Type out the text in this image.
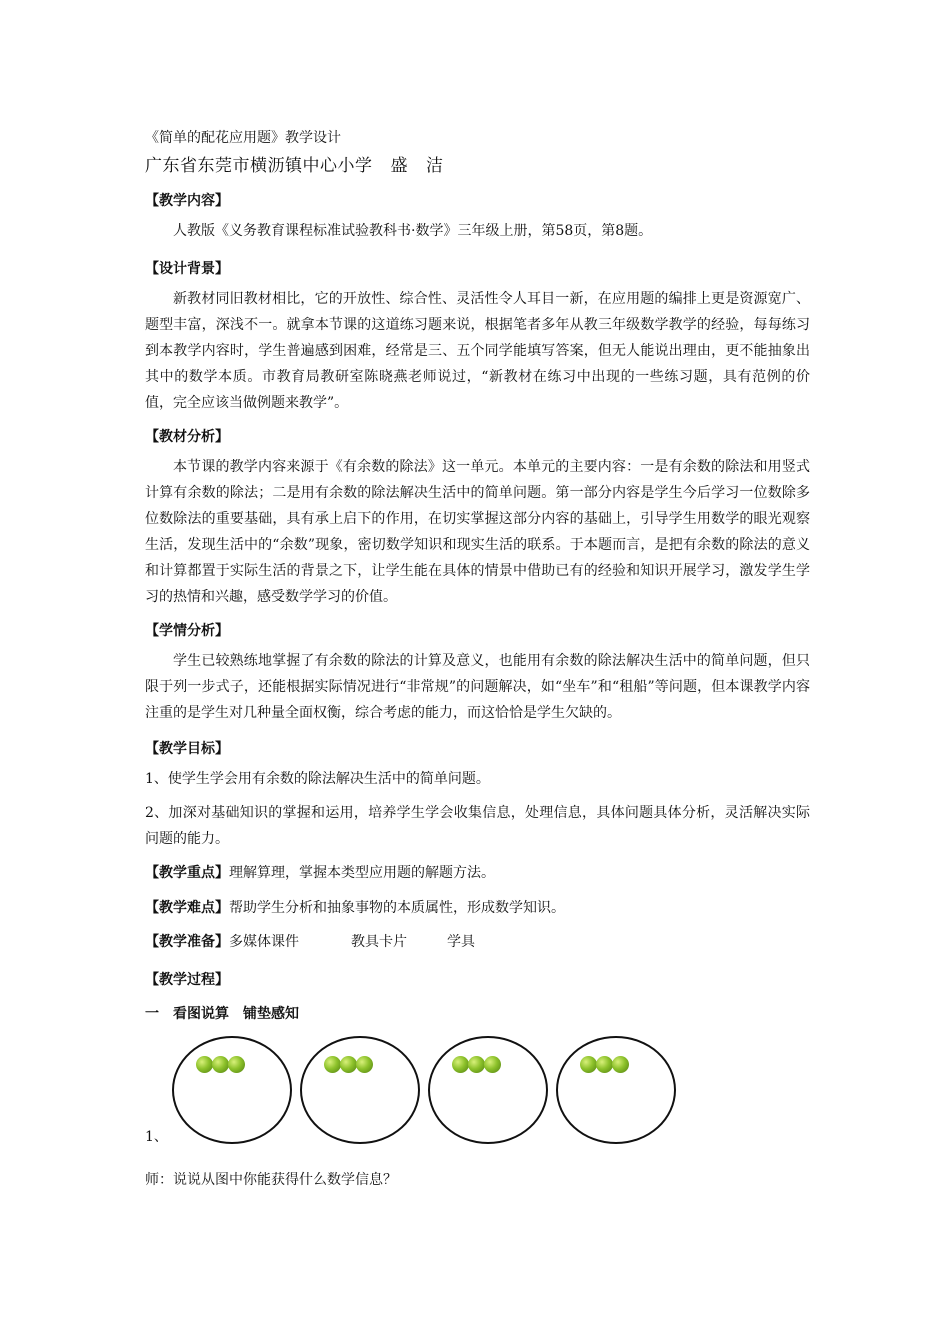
《简单的配花应用题》教学设计
广东省东莞市横沥镇中心小学 盛 洁
【教学内容】
人教版《义务教育课程标准试验教科书·数学》三年级上册，第58页，第8题。
【设计背景】
新教材同旧教材相比，它的开放性、综合性、灵活性令人耳目一新，在应用题的编排上更是资源宽广、题型丰富，深浅不一。就拿本节课的这道练习题来说，根据笔者多年从教三年级数学教学的经验，每每练习到本教学内容时，学生普遍感到困难，经常是三、五个同学能填写答案，但无人能说出理由，更不能抽象出其中的数学本质。市教育局教研室陈晓燕老师说过，“新教材在练习中出现的一些练习题，具有范例的价值，完全应该当做例题来教学”。
【教材分析】
本节课的教学内容来源于《有余数的除法》这一单元。本单元的主要内容：一是有余数的除法和用竖式计算有余数的除法；二是用有余数的除法解决生活中的简单问题。第一部分内容是学生今后学习一位数除多位数除法的重要基础，具有承上启下的作用，在切实掌握这部分内容的基础上，引导学生用数学的眼光观察生活，发现生活中的“余数”现象，密切数学知识和现实生活的联系。于本题而言，是把有余数的除法的意义和计算都置于实际生活的背景之下，让学生能在具体的情景中借助已有的经验和知识开展学习，激发学生学习的热情和兴趣，感受数学学习的价值。
【学情分析】
学生已较熟练地掌握了有余数的除法的计算及意义，也能用有余数的除法解决生活中的简单问题，但只限于列一步式子，还能根据实际情况进行“非常规”的问题解决，如“坐车”和“租船”等问题，但本课教学内容注重的是学生对几种量全面权衡，综合考虑的能力，而这恰恰是学生欠缺的。
【教学目标】
1、使学生学会用有余数的除法解决生活中的简单问题。
2、加深对基础知识的掌握和运用，培养学生学会收集信息，处理信息，具体问题具体分析，灵活解决实际问题的能力。
【教学重点】理解算理，掌握本类型应用题的解题方法。
【教学难点】帮助学生分析和抽象事物的本质属性，形成数学知识。
【教学准备】多媒体课件	教具卡片	学具
【教学过程】
一　看图说算　铺垫感知
1、
师：说说从图中你能获得什么数学信息？
